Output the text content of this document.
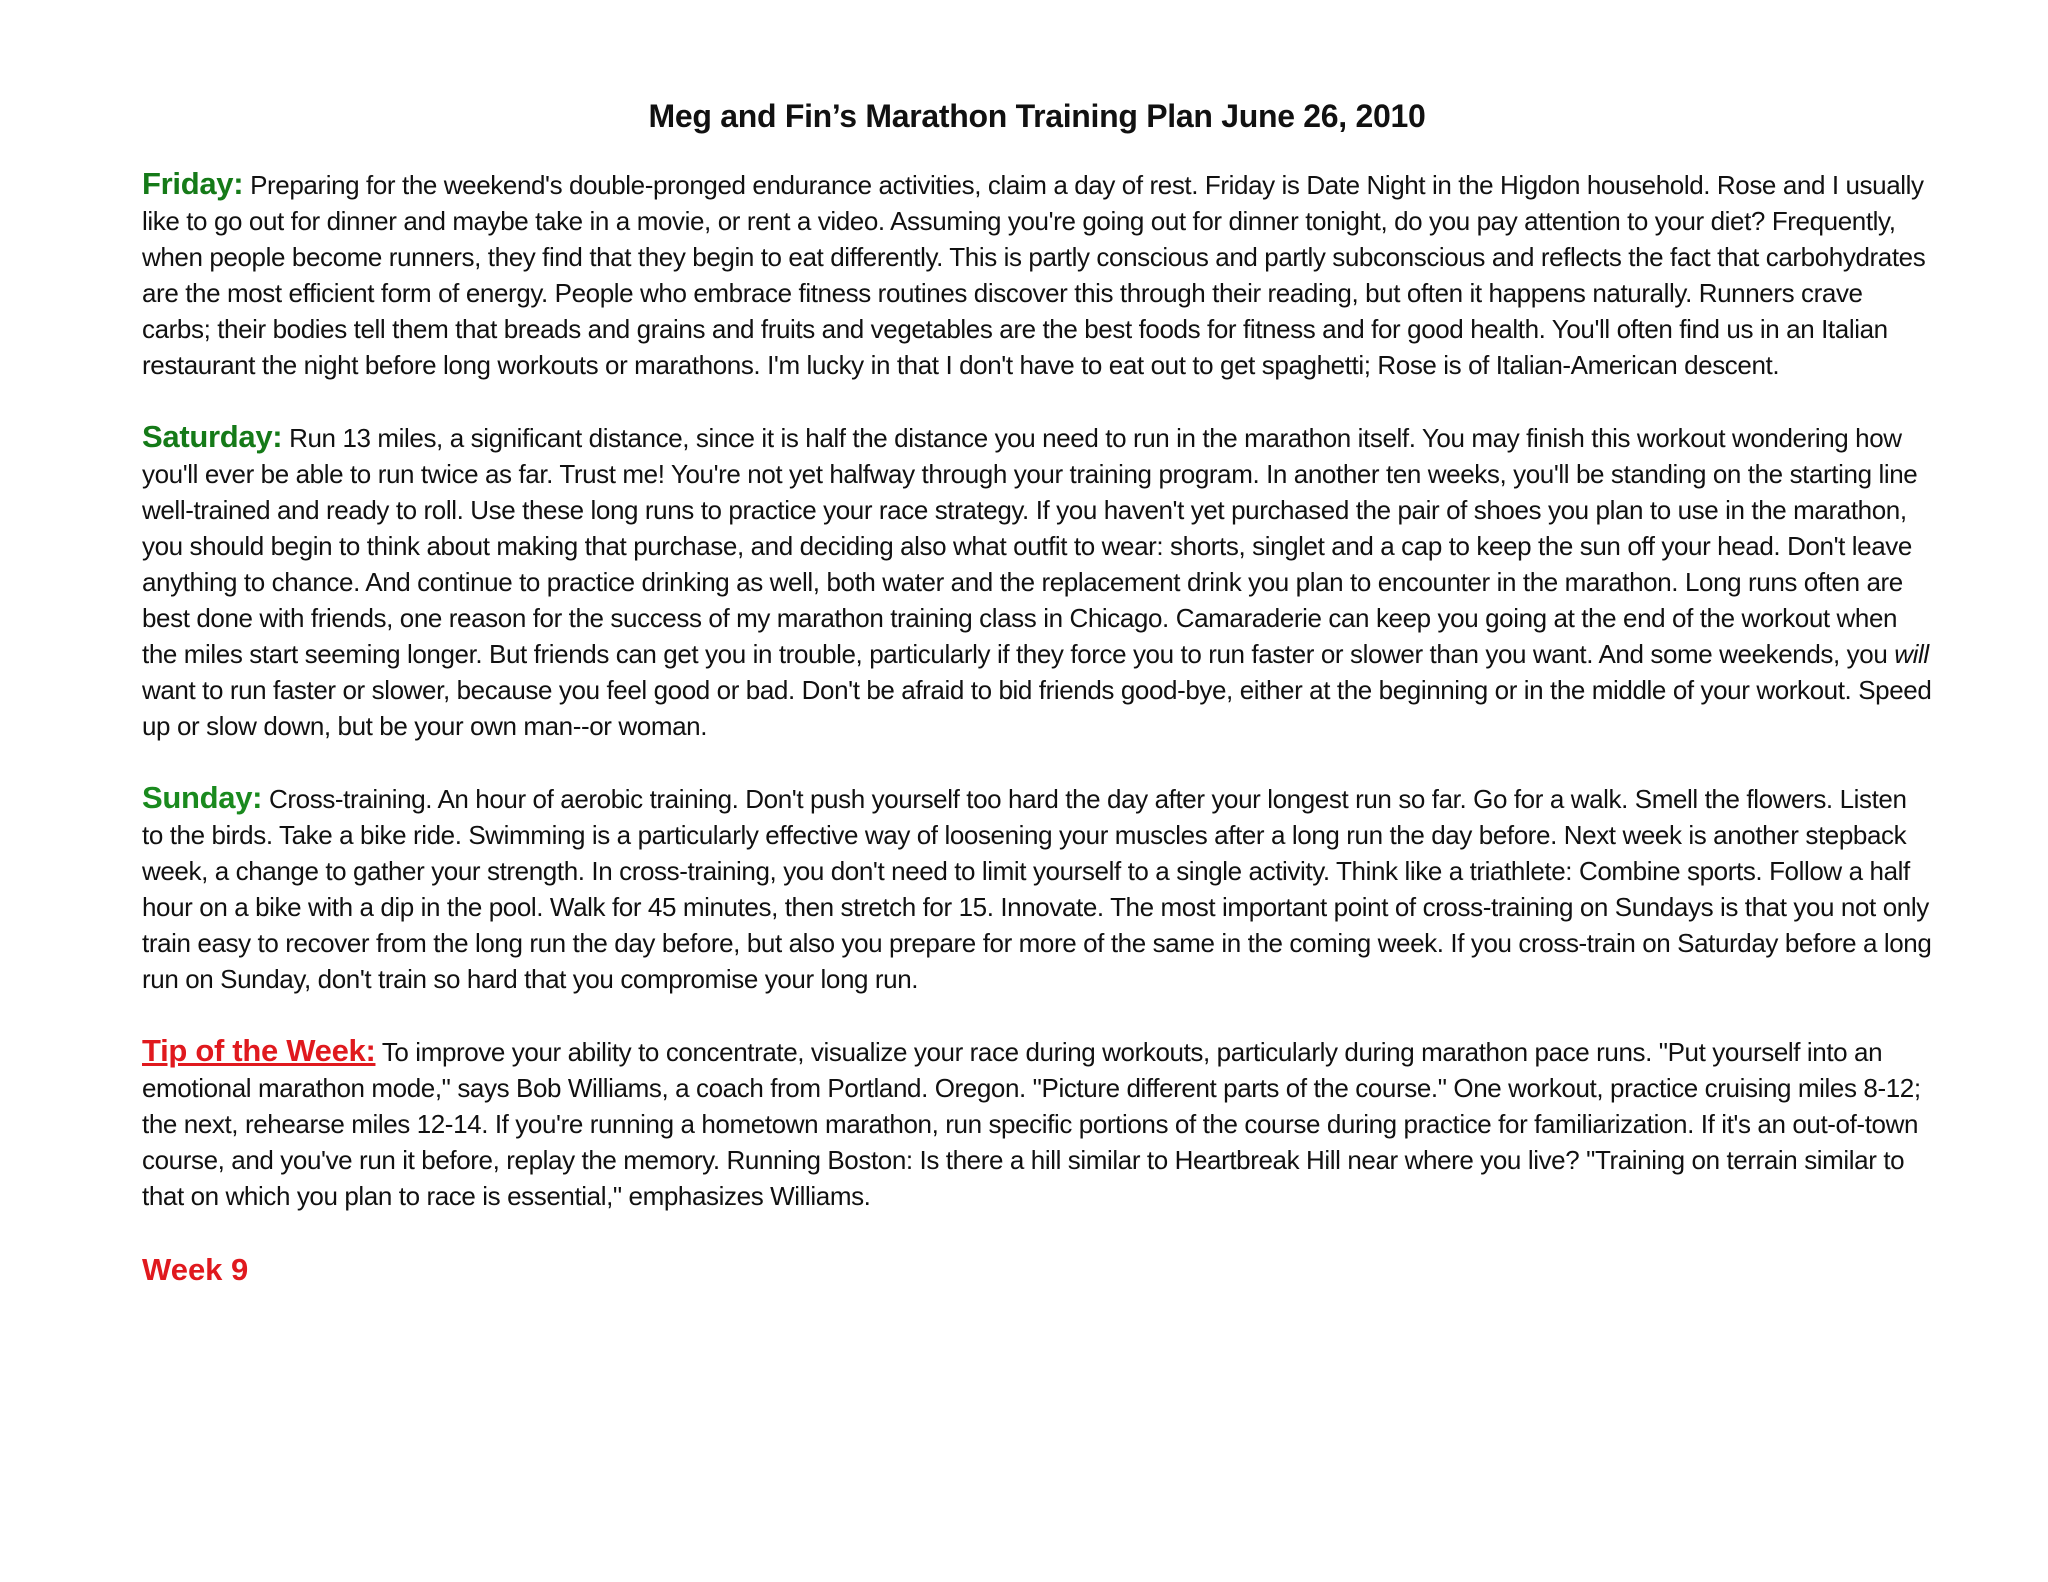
Meg and Fin’s Marathon Training Plan June 26, 2010

Friday: Preparing for the weekend's double-pronged endurance activities, claim a day of rest. Friday is Date Night in the Higdon household. Rose and I usually like to go out for dinner and maybe take in a movie, or rent a video. Assuming you're going out for dinner tonight, do you pay attention to your diet? Frequently, when people become runners, they find that they begin to eat differently. This is partly conscious and partly subconscious and reflects the fact that carbohydrates are the most efficient form of energy. People who embrace fitness routines discover this through their reading, but often it happens naturally. Runners crave carbs; their bodies tell them that breads and grains and fruits and vegetables are the best foods for fitness and for good health. You'll often find us in an Italian restaurant the night before long workouts or marathons. I'm lucky in that I don't have to eat out to get spaghetti; Rose is of Italian-American descent.

Saturday: Run 13 miles, a significant distance, since it is half the distance you need to run in the marathon itself. You may finish this workout wondering how you'll ever be able to run twice as far. Trust me! You're not yet halfway through your training program. In another ten weeks, you'll be standing on the starting line well-trained and ready to roll. Use these long runs to practice your race strategy. If you haven't yet purchased the pair of shoes you plan to use in the marathon, you should begin to think about making that purchase, and deciding also what outfit to wear: shorts, singlet and a cap to keep the sun off your head. Don't leave anything to chance. And continue to practice drinking as well, both water and the replacement drink you plan to encounter in the marathon. Long runs often are best done with friends, one reason for the success of my marathon training class in Chicago. Camaraderie can keep you going at the end of the workout when the miles start seeming longer. But friends can get you in trouble, particularly if they force you to run faster or slower than you want. And some weekends, you will want to run faster or slower, because you feel good or bad. Don't be afraid to bid friends good-bye, either at the beginning or in the middle of your workout. Speed up or slow down, but be your own man--or woman.

Sunday: Cross-training. An hour of aerobic training. Don't push yourself too hard the day after your longest run so far. Go for a walk. Smell the flowers. Listen to the birds. Take a bike ride. Swimming is a particularly effective way of loosening your muscles after a long run the day before. Next week is another stepback week, a change to gather your strength. In cross-training, you don't need to limit yourself to a single activity. Think like a triathlete: Combine sports. Follow a half hour on a bike with a dip in the pool. Walk for 45 minutes, then stretch for 15. Innovate. The most important point of cross-training on Sundays is that you not only train easy to recover from the long run the day before, but also you prepare for more of the same in the coming week. If you cross-train on Saturday before a long run on Sunday, don't train so hard that you compromise your long run.

Tip of the Week: To improve your ability to concentrate, visualize your race during workouts, particularly during marathon pace runs. "Put yourself into an emotional marathon mode," says Bob Williams, a coach from Portland. Oregon. "Picture different parts of the course." One workout, practice cruising miles 8-12; the next, rehearse miles 12-14. If you're running a hometown marathon, run specific portions of the course during practice for familiarization. If it's an out-of-town course, and you've run it before, replay the memory. Running Boston: Is there a hill similar to Heartbreak Hill near where you live? "Training on terrain similar to that on which you plan to race is essential," emphasizes Williams.

Week 9
